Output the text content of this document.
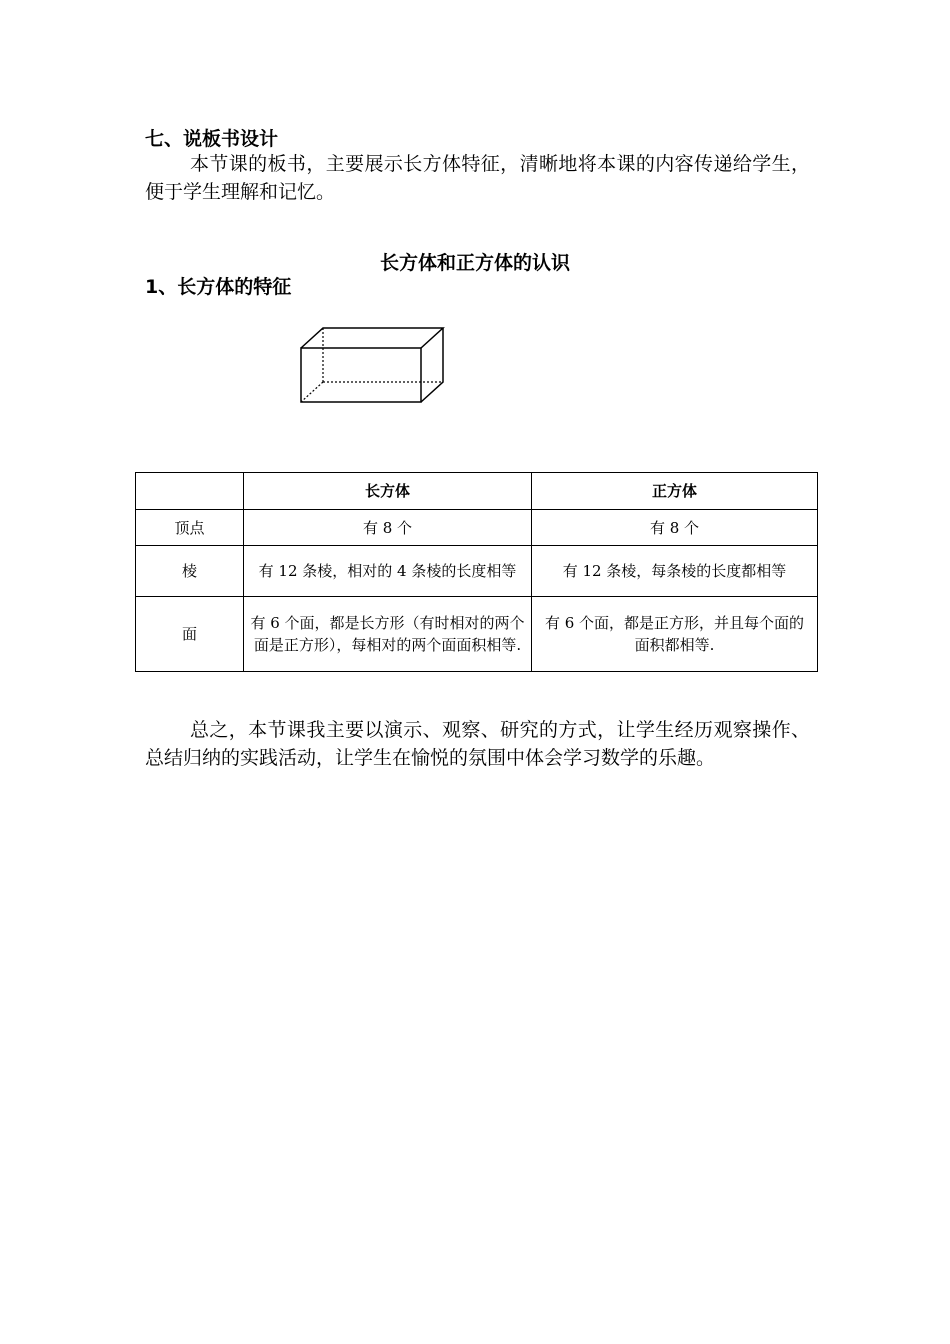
七、说板书设计
本节课的板书，主要展示长方体特征，清晰地将本课的内容传递给学生，便于学生理解和记忆。
长方体和正方体的认识
1、长方体的特征
	长方体	正方体
顶点	有 8 个	有 8 个
棱	有 12 条棱，相对的 4 条棱的长度相等	有 12 条棱，每条棱的长度都相等
面	有 6 个面，都是长方形（有时相对的两个面是正方形），每相对的两个面面积相等.	有 6 个面，都是正方形，并且每个面的面积都相等.
总之，本节课我主要以演示、观察、研究的方式，让学生经历观察操作、总结归纳的实践活动，让学生在愉悦的氛围中体会学习数学的乐趣。
